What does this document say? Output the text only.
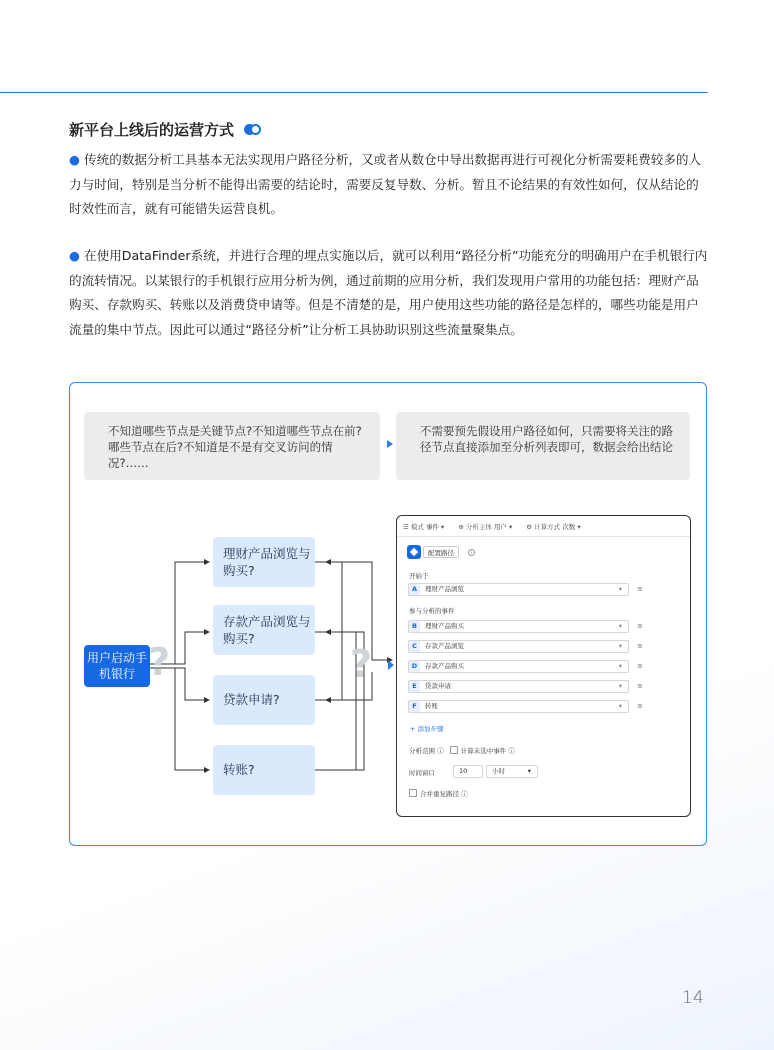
新平台上线后的运营方式
● 传统的数据分析工具基本无法实现用户路径分析，又或者从数仓中导出数据再进行可视化分析需要耗费较多的人力与时间，特别是当分析不能得出需要的结论时，需要反复导数、分析。暂且不论结果的有效性如何，仅从结论的时效性而言，就有可能错失运营良机。
● 在使用DataFinder系统，并进行合理的埋点实施以后，就可以利用“路径分析”功能充分的明确用户在手机银行内的流转情况。以某银行的手机银行应用分析为例，通过前期的应用分析，我们发现用户常用的功能包括：理财产品购买、存款购买、转账以及消费贷申请等。但是不清楚的是，用户使用这些功能的路径是怎样的，哪些功能是用户流量的集中节点。因此可以通过“路径分析”让分析工具协助识别这些流量聚集点。
不知道哪些节点是关键节点?不知道哪些节点在前?哪些节点在后?不知道是不是有交叉访问的情况?……
不需要预先假设用户路径如何，只需要将关注的路径节点直接添加至分析列表即可，数据会给出结论
用户启动手机银行 ?	?
理财产品浏览与购买?
存款产品浏览与购买?
贷款申请?
转账?
☰ 模式 事件 ▾ ⊕ 分析主体 用户 ▾ ⚙ 计算方式 次数 ▾
配置路径	i
开始于
A	理财产品浏览	▾ ≡
参与分析的事件
B	理财产品购买	▾ ≡
C	存款产品浏览	▾ ≡
D	存款产品购买	▾ ≡
E	贷款申请	▾ ≡
F	转账	▾ ≡
+ 添加步骤
分析范围 ⓘ   计算未选中事件 ⓘ
时间窗口	10	小时	▾
合并重复路径 ⓘ
14
